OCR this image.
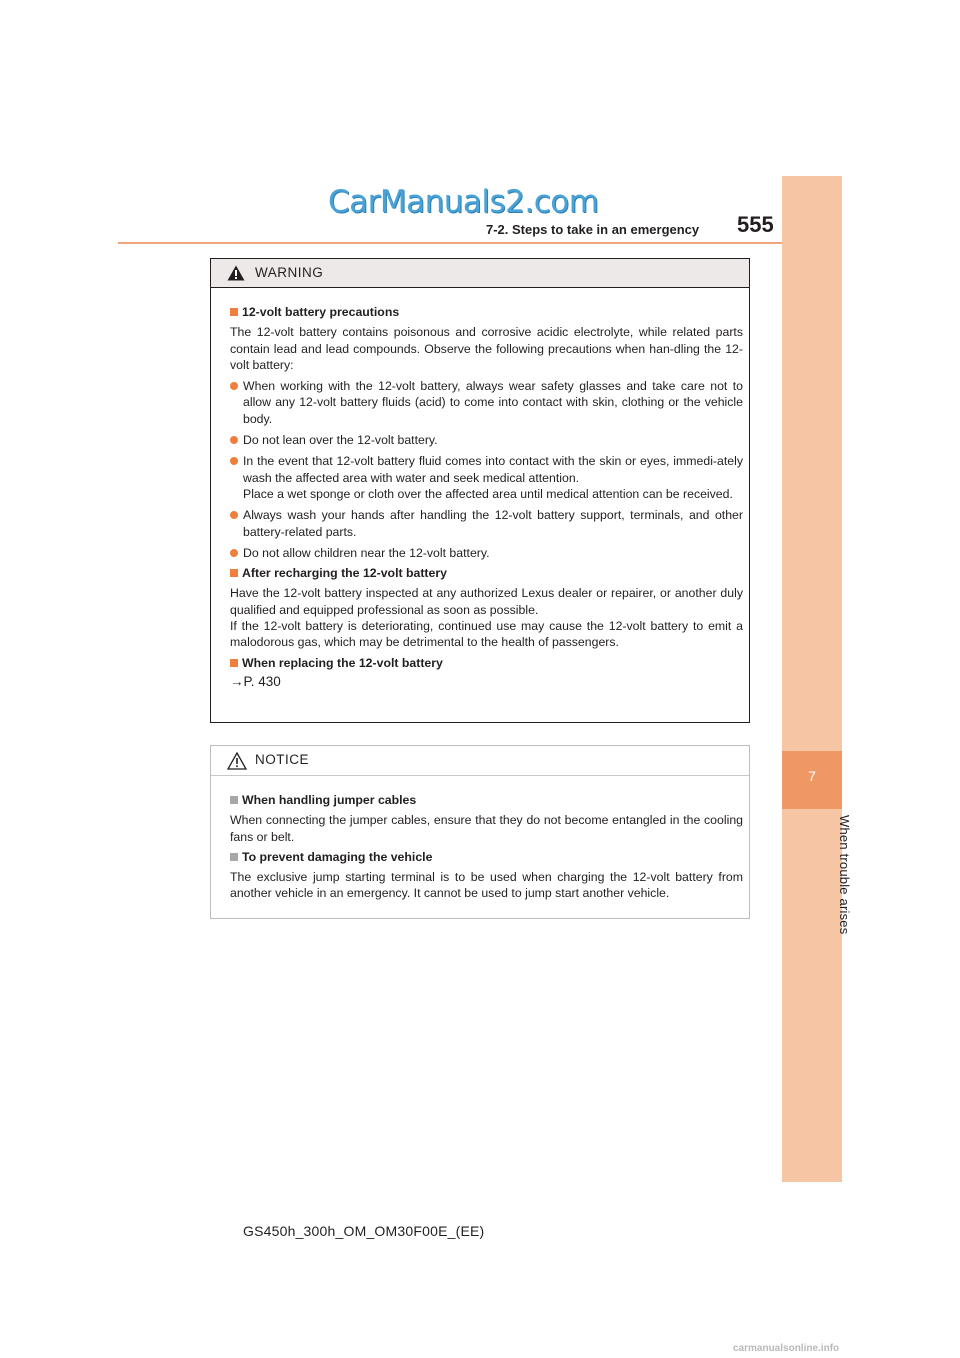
CarManuals2.com
7-2. Steps to take in an emergency 555
7
When trouble arises
WARNING
12-volt battery precautions
The 12-volt battery contains poisonous and corrosive acidic electrolyte, while related parts contain lead and lead compounds. Observe the following precautions when han-dling the 12-volt battery:
When working with the 12-volt battery, always wear safety glasses and take care not to allow any 12-volt battery fluids (acid) to come into contact with skin, clothing or the vehicle body.
Do not lean over the 12-volt battery.
In the event that 12-volt battery fluid comes into contact with the skin or eyes, immedi-ately wash the affected area with water and seek medical attention.
Place a wet sponge or cloth over the affected area until medical attention can be received.
Always wash your hands after handling the 12-volt battery support, terminals, and other battery-related parts.
Do not allow children near the 12-volt battery.
After recharging the 12-volt battery
Have the 12-volt battery inspected at any authorized Lexus dealer or repairer, or another duly qualified and equipped professional as soon as possible.
If the 12-volt battery is deteriorating, continued use may cause the 12-volt battery to emit a malodorous gas, which may be detrimental to the health of passengers.
When replacing the 12-volt battery
→P. 430
NOTICE
When handling jumper cables
When connecting the jumper cables, ensure that they do not become entangled in the cooling fans or belt.
To prevent damaging the vehicle
The exclusive jump starting terminal is to be used when charging the 12-volt battery from another vehicle in an emergency. It cannot be used to jump start another vehicle.
GS450h_300h_OM_OM30F00E_(EE)
carmanualsonline.info
